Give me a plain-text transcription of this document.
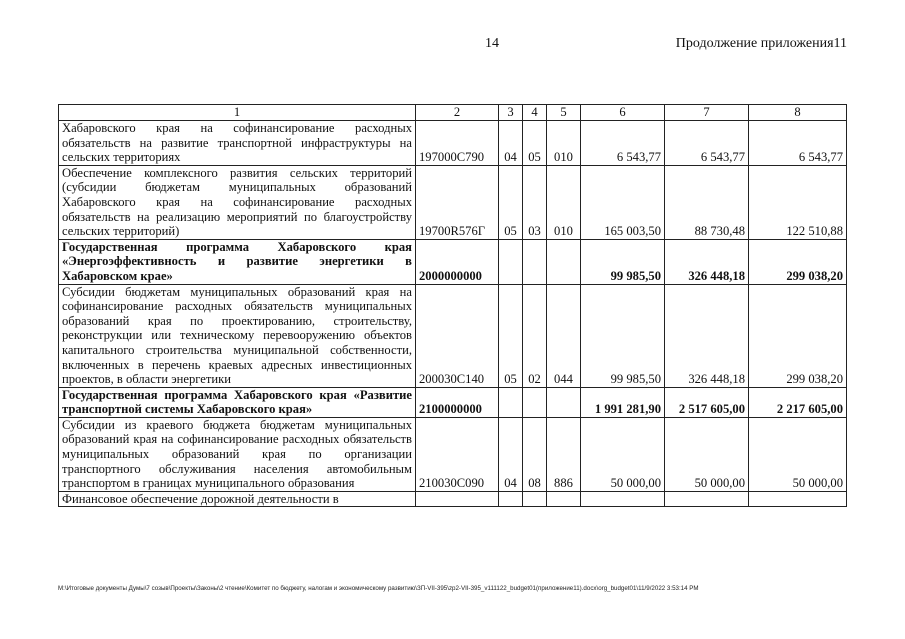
14	Продолжение приложения11
1	2	3	4	5	6	7	8
Хабаровского края на софинансирование расходных обязательств на развитие транспортной инфраструктуры на сельских территориях	197000С790	04	05	010	6 543,77	6 543,77	6 543,77
Обеспечение комплексного развития сельских территорий (субсидии бюджетам муниципальных образований Хабаровского края на софинансирование расходных обязательств на реализацию мероприятий по благоустройству сельских территорий)	19700R576Г	05	03	010	165 003,50	88 730,48	122 510,88
Государственная программа Хабаровского края «Энергоэффективность и развитие энергетики в Хабаровском крае»	2000000000				99 985,50	326 448,18	299 038,20
Субсидии бюджетам муниципальных образований края на софинансирование расходных обязательств муниципальных образований края по проектированию, строительству, реконструкции или техническому перевооружению объектов капитального строительства муниципальной собственности, включенных в перечень краевых адресных инвестиционных проектов, в области энергетики	200030С140	05	02	044	99 985,50	326 448,18	299 038,20
Государственная программа Хабаровского края «Развитие транспортной системы Хабаровского края»	2100000000				1 991 281,90	2 517 605,00	2 217 605,00
Субсидии из краевого бюджета бюджетам муниципальных образований края на софинансирование расходных обязательств муниципальных образований края по организации транспортного обслуживания населения автомобильным транспортом в границах муниципального образования	210030С090	04	08	886	50 000,00	50 000,00	50 000,00
Финансовое обеспечение дорожной деятельности в							
M:\Итоговые документы Думы\7 созыв\Проекты\Законы\2 чтение\Комитет по бюджету, налогам и экономическому развитию\ЗП-VII-395\zp2-VII-395_v111122_budget01(приложение11).docx\org_budget01\11/9/2022 3:53:14 PM
